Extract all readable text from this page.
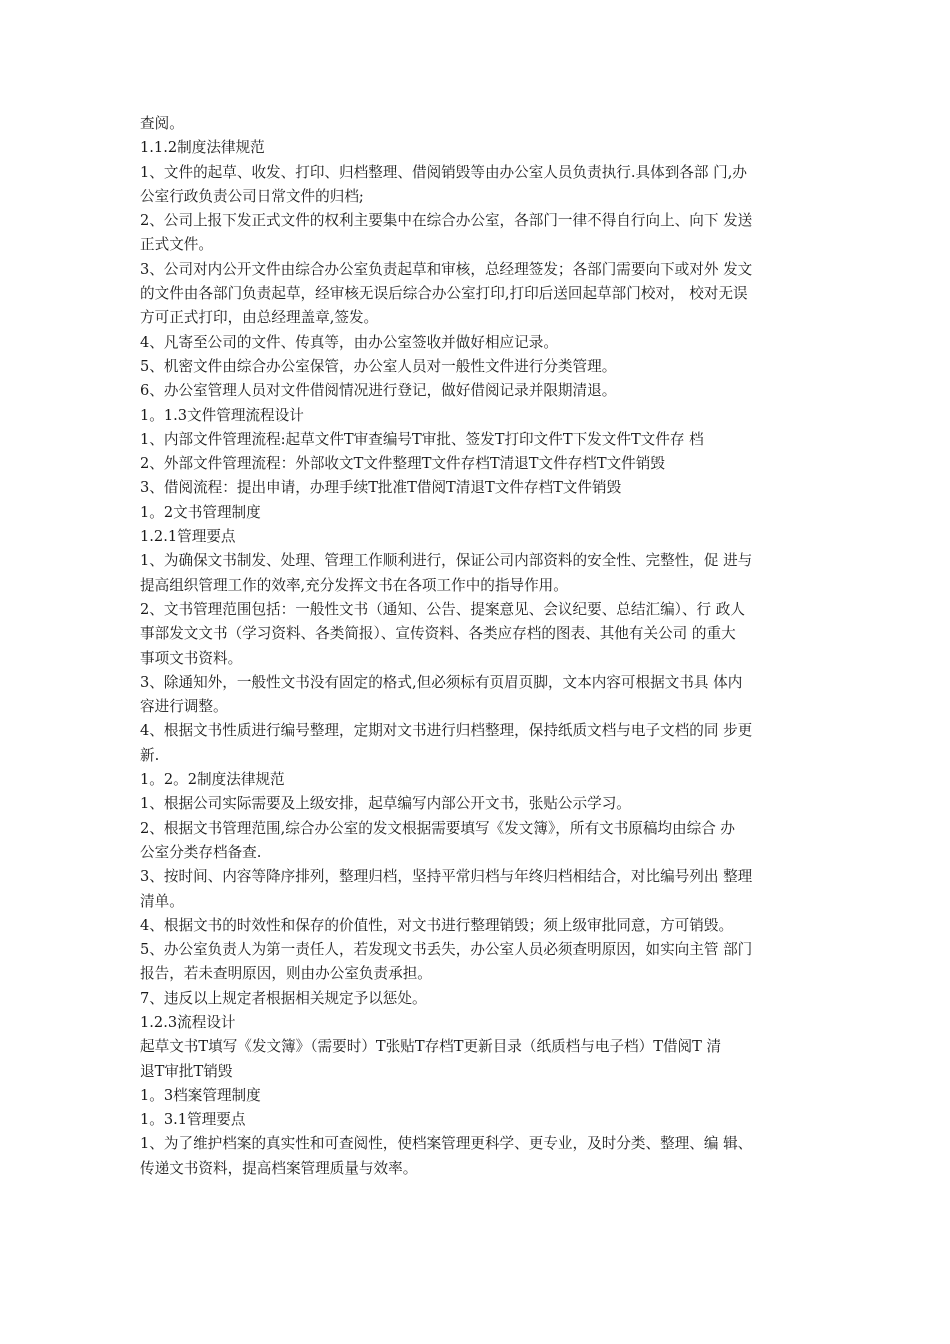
查阅。
1.1.2制度法律规范
1、文件的起草、收发、打印、归档整理、借阅销毁等由办公室人员负责执行.具体到各部 门,办
公室行政负责公司日常文件的归档;
2、公司上报下发正式文件的权利主要集中在综合办公室，各部门一律不得自行向上、向下 发送
正式文件。
3、公司对内公开文件由综合办公室负责起草和审核，总经理签发；各部门需要向下或对外 发文
的文件由各部门负责起草，经审核无误后综合办公室打印,打印后送回起草部门校对， 校对无误
方可正式打印，由总经理盖章,签发。
4、凡寄至公司的文件、传真等，由办公室签收并做好相应记录。
5、机密文件由综合办公室保管，办公室人员对一般性文件进行分类管理。
6、办公室管理人员对文件借阅情况进行登记，做好借阅记录并限期清退。
1。1.3文件管理流程设计
1、内部文件管理流程:起草文件T审查编号T审批、签发T打印文件T下发文件T文件存 档
2、外部文件管理流程：外部收文T文件整理T文件存档T清退T文件存档T文件销毁
3、借阅流程：提出申请，办理手续T批准T借阅T清退T文件存档T文件销毁
1。2文书管理制度
1.2.1管理要点
1、为确保文书制发、处理、管理工作顺利进行，保证公司内部资料的安全性、完整性，促 进与
提高组织管理工作的效率,充分发挥文书在各项工作中的指导作用。
2、文书管理范围包括：一般性文书（通知、公告、提案意见、会议纪要、总结汇编）、行 政人
事部发文文书（学习资料、各类简报）、宣传资料、各类应存档的图表、其他有关公司 的重大
事项文书资料。
3、除通知外，一般性文书没有固定的格式,但必须标有页眉页脚，文本内容可根据文书具 体内
容进行调整。
4、根据文书性质进行编号整理，定期对文书进行归档整理，保持纸质文档与电子文档的同 步更
新.
1。2。2制度法律规范
1、根据公司实际需要及上级安排，起草编写内部公开文书，张贴公示学习。
2、根据文书管理范围,综合办公室的发文根据需要填写《发文簿》，所有文书原稿均由综合 办
公室分类存档备查.
3、按时间、内容等降序排列，整理归档，坚持平常归档与年终归档相结合，对比编号列出 整理
清单。
4、根据文书的时效性和保存的价值性，对文书进行整理销毁；须上级审批同意，方可销毁。
5、办公室负责人为第一责任人，若发现文书丢失，办公室人员必须查明原因，如实向主管 部门
报告，若未查明原因，则由办公室负责承担。
7、违反以上规定者根据相关规定予以惩处。
1.2.3流程设计
起草文书T填写《发文簿》（需要时）T张贴T存档T更新目录（纸质档与电子档）T借阅T 清
退T审批T销毁
1。3档案管理制度
1。3.1管理要点
1、为了维护档案的真实性和可查阅性，使档案管理更科学、更专业，及时分类、整理、编 辑、
传递文书资料，提高档案管理质量与效率。
